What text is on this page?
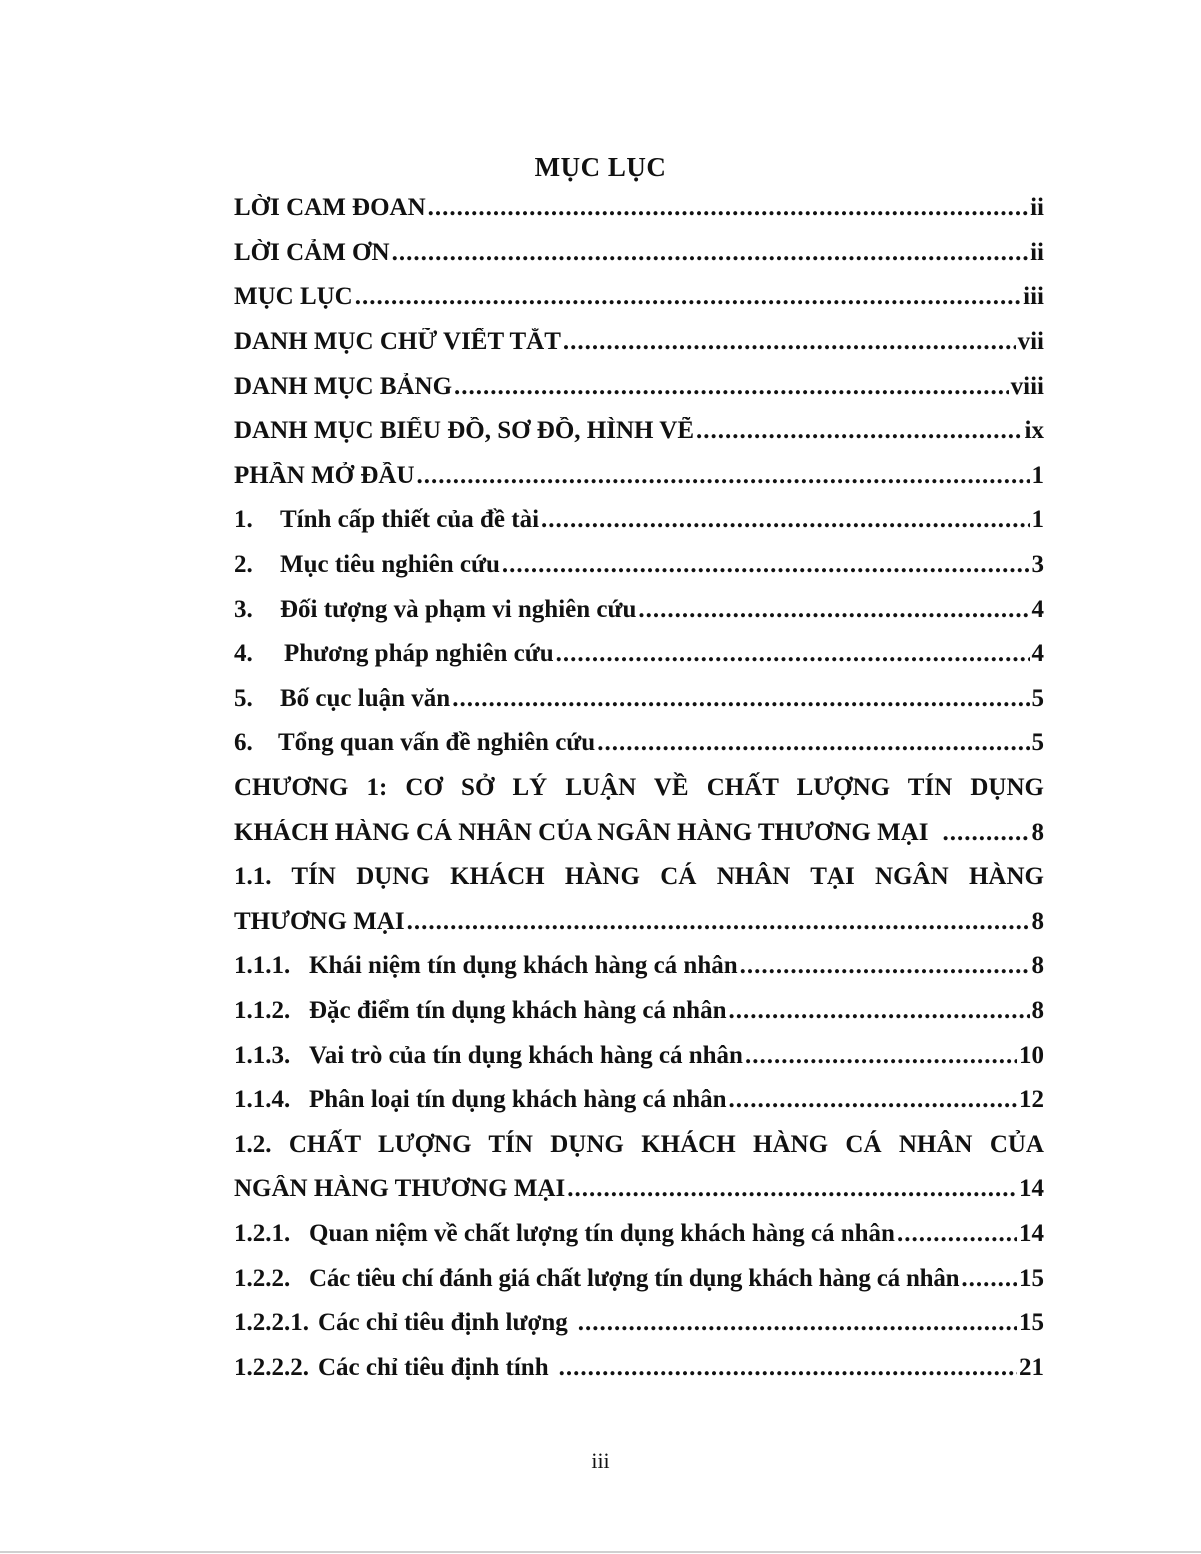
MỤC LỤC
LỜI CAM ĐOAN .....	ii
LỜI CẢM ƠN .....	ii
MỤC LỤC .....	iii
DANH MỤC CHỮ VIẾT TẮT .....	vii
DANH MỤC BẢNG .....	viii
DANH MỤC BIỂU ĐỒ, SƠ ĐỒ, HÌNH VẼ .....	ix
PHẦN MỞ ĐẦU .....	1
1.	Tính cấp thiết của đề tài .....	1
2.	Mục tiêu nghiên cứu .....	3
3.	Đối tượng và phạm vi nghiên cứu .....	4
4.	Phương pháp nghiên cứu .....	4
5.	Bố cục luận văn .....	5
6.	Tổng quan vấn đề nghiên cứu .....	5
CHƯƠNG 1: CƠ SỞ LÝ LUẬN VỀ CHẤT LƯỢNG TÍN DỤNG
KHÁCH HÀNG CÁ NHÂN CỦA NGÂN HÀNG THƯƠNG MẠI .....	8
1.1. TÍN DỤNG KHÁCH HÀNG CÁ NHÂN TẠI NGÂN HÀNG
THƯƠNG MẠI .....	8
1.1.1. Khái niệm tín dụng khách hàng cá nhân .....	8
1.1.2. Đặc điểm tín dụng khách hàng cá nhân .....	8
1.1.3. Vai trò của tín dụng khách hàng cá nhân .....	10
1.1.4. Phân loại tín dụng khách hàng cá nhân .....	12
1.2. CHẤT LƯỢNG TÍN DỤNG KHÁCH HÀNG CÁ NHÂN CỦA
NGÂN HÀNG THƯƠNG MẠI .....	14
1.2.1. Quan niệm về chất lượng tín dụng khách hàng cá nhân .....	14
1.2.2. Các tiêu chí đánh giá chất lượng tín dụng khách hàng cá nhân ..... 15
1.2.2.1. Các chỉ tiêu định lượng .....	15
1.2.2.2. Các chỉ tiêu định tính .....	21
iii
